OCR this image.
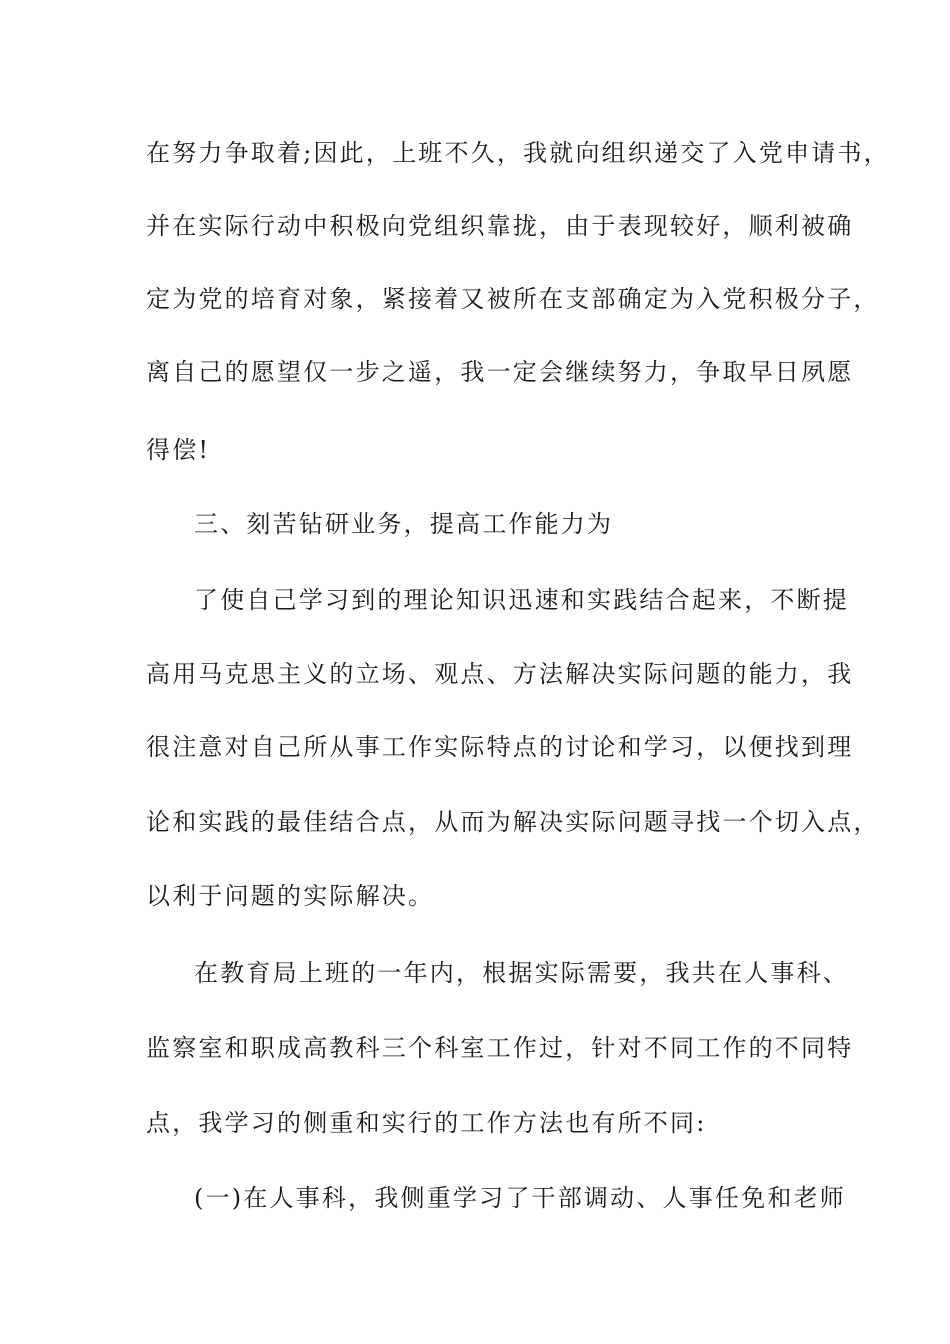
在努力争取着;因此，上班不久，我就向组织递交了入党申请书，
并在实际行动中积极向党组织靠拢，由于表现较好，顺利被确
定为党的培育对象，紧接着又被所在支部确定为入党积极分子，
离自己的愿望仅一步之遥，我一定会继续努力，争取早日夙愿
得偿!
三、刻苦钻研业务，提高工作能力为
了使自己学习到的理论知识迅速和实践结合起来，不断提
高用马克思主义的立场、观点、方法解决实际问题的能力，我
很注意对自己所从事工作实际特点的讨论和学习，以便找到理
论和实践的最佳结合点，从而为解决实际问题寻找一个切入点，
以利于问题的实际解决。
在教育局上班的一年内，根据实际需要，我共在人事科、
监察室和职成高教科三个科室工作过，针对不同工作的不同特
点，我学习的侧重和实行的工作方法也有所不同:
(一)在人事科，我侧重学习了干部调动、人事任免和老师
